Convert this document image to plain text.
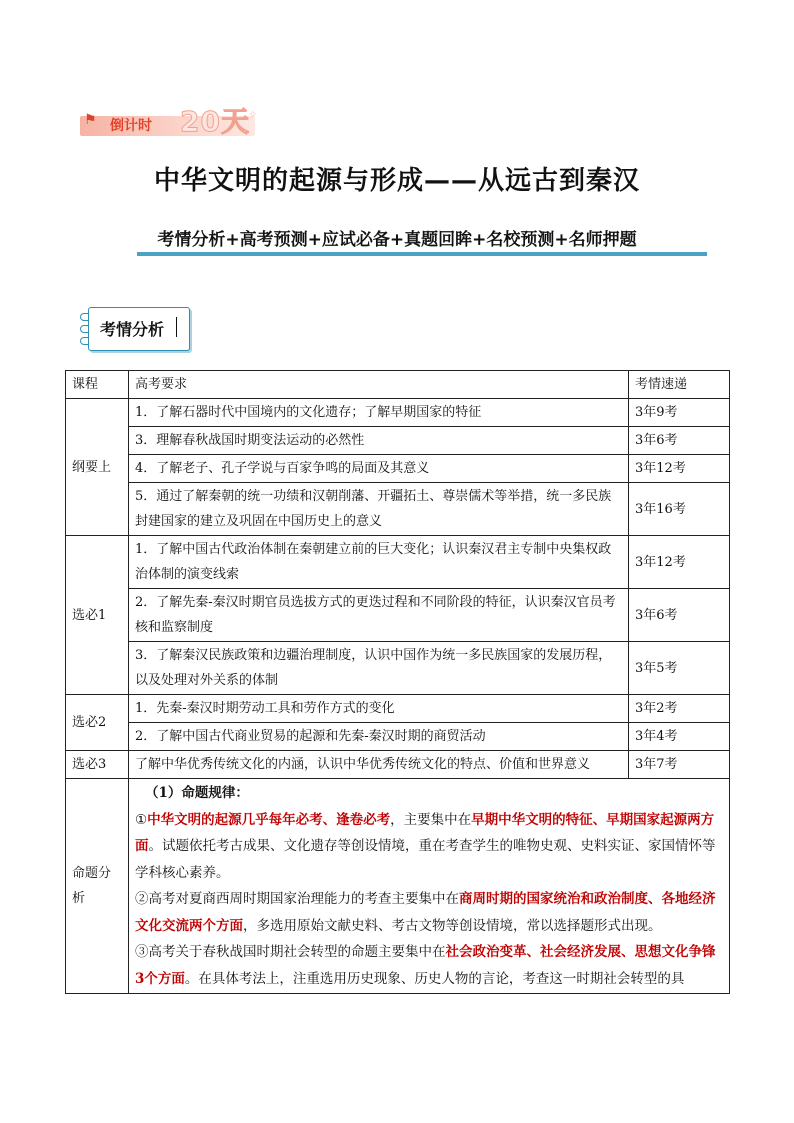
⚑ 倒计时 20天
✧
中华文明的起源与形成——从远古到秦汉
考情分析+高考预测+应试必备+真题回眸+名校预测+名师押题
考情分析
课程	高考要求	考情速递
纲要上	1．了解石器时代中国境内的文化遗存；了解早期国家的特征	3年9考
	3．理解春秋战国时期变法运动的必然性	3年6考
	4．了解老子、孔子学说与百家争鸣的局面及其意义	3年12考
	5．通过了解秦朝的统一功绩和汉朝削藩、开疆拓土、尊崇儒术等举措，统一多民族封建国家的建立及巩固在中国历史上的意义	3年16考
选必1	1．了解中国古代政治体制在秦朝建立前的巨大变化；认识秦汉君主专制中央集权政治体制的演变线索	3年12考
	2．了解先秦-秦汉时期官员选拔方式的更迭过程和不同阶段的特征，认识秦汉官员考核和监察制度	3年6考
	3．了解秦汉民族政策和边疆治理制度，认识中国作为统一多民族国家的发展历程，以及处理对外关系的体制	3年5考
选必2	1．先秦-秦汉时期劳动工具和劳作方式的变化	3年2考
	2．了解中国古代商业贸易的起源和先秦-秦汉时期的商贸活动	3年4考
选必3	了解中华优秀传统文化的内涵，认识中华优秀传统文化的特点、价值和世界意义	3年7考
命题分析	（1）命题规律：

①中华文明的起源几乎每年必考、逢卷必考，主要集中在早期中华文明的特征、早期国家起源两方面。试题依托考古成果、文化遗存等创设情境，重在考查学生的唯物史观、史料实证、家国情怀等学科核心素养。

②高考对夏商西周时期国家治理能力的考查主要集中在商周时期的国家统治和政治制度、各地经济文化交流两个方面，多选用原始文献史料、考古文物等创设情境，常以选择题形式出现。

③高考关于春秋战国时期社会转型的命题主要集中在社会政治变革、社会经济发展、思想文化争锋3个方面。在具体考法上，注重选用历史现象、历史人物的言论，考查这一时期社会转型的具	
